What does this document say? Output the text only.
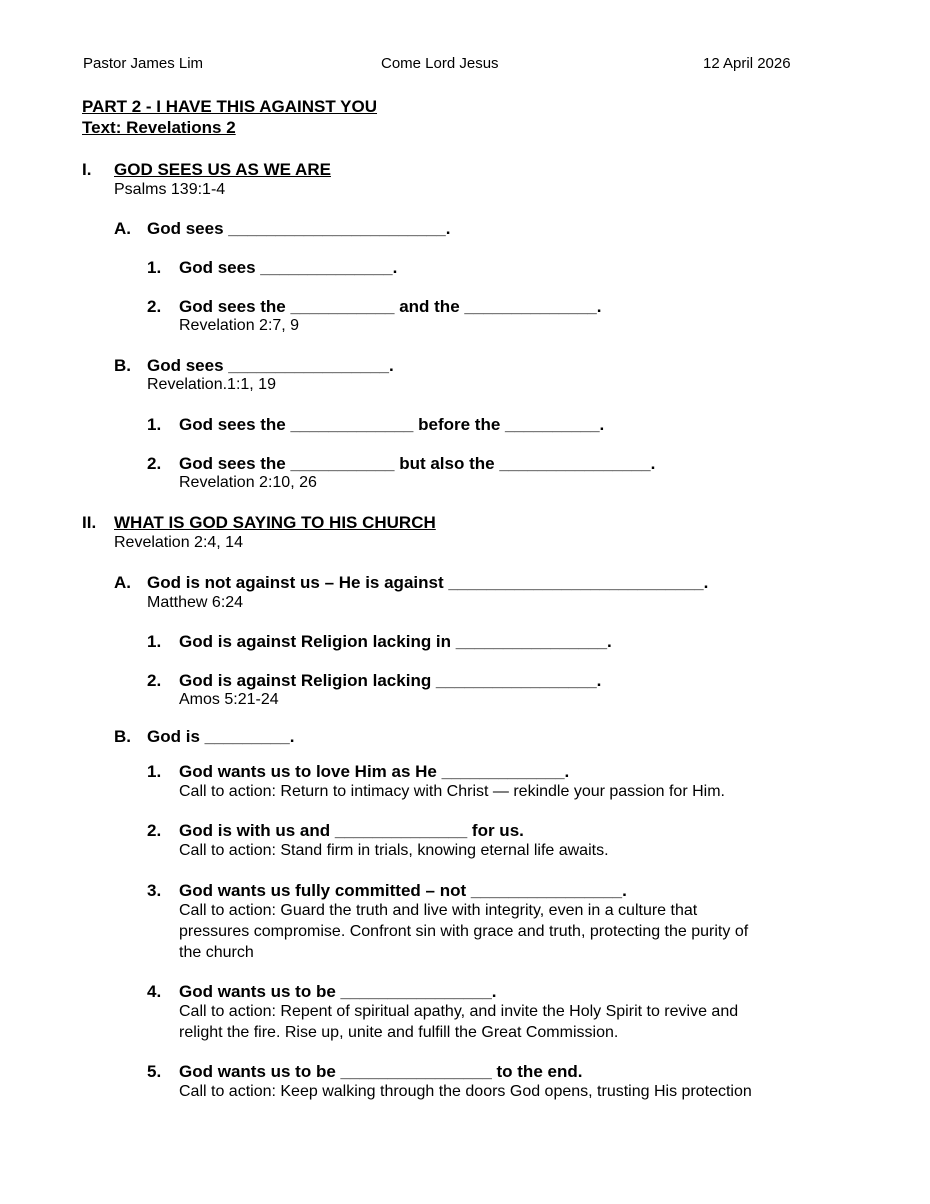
Pastor James Lim	Come Lord Jesus	12 April 2026
PART 2 - I HAVE THIS AGAINST YOU
Text: Revelations 2
I. GOD SEES US AS WE ARE
Psalms 139:1-4
A. God sees _______________________.
1. God sees ______________.
2. God sees the ___________ and the ______________.
Revelation 2:7, 9
B. God sees _________________.
Revelation.1:1, 19
1. God sees the _____________ before the __________.
2. God sees the ___________ but also the ________________.
Revelation 2:10, 26
II. WHAT IS GOD SAYING TO HIS CHURCH
Revelation 2:4, 14
A. God is not against us – He is against ___________________________.
Matthew 6:24
1. God is against Religion lacking in ________________.
2. God is against Religion lacking _________________.
Amos 5:21-24
B. God is _________.
1. God wants us to love Him as He _____________.
Call to action: Return to intimacy with Christ — rekindle your passion for Him.
2. God is with us and ______________ for us.
Call to action: Stand firm in trials, knowing eternal life awaits.
3. God wants us fully committed – not ________________.
Call to action: Guard the truth and live with integrity, even in a culture that
pressures compromise. Confront sin with grace and truth, protecting the purity of
the church
4. God wants us to be ________________.
Call to action: Repent of spiritual apathy, and invite the Holy Spirit to revive and
relight the fire. Rise up, unite and fulfill the Great Commission.
5. God wants us to be ________________ to the end.
Call to action: Keep walking through the doors God opens, trusting His protection
